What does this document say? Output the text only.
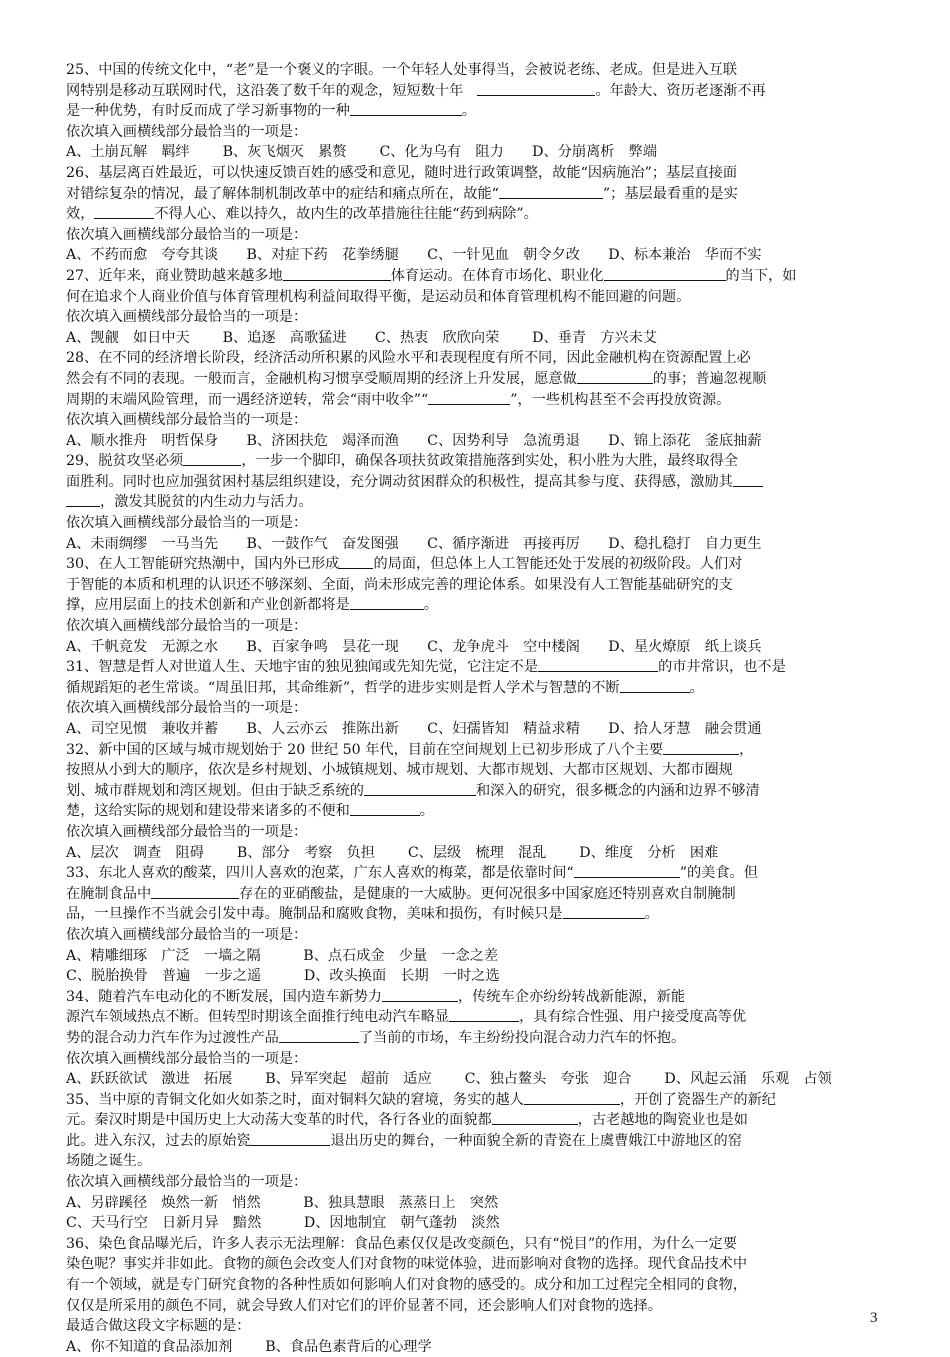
25、中国的传统文化中，“老”是一个褒义的字眼。一个年轻人处事得当，会被说老练、老成。但是进入互联
网特别是移动互联网时代，这沿袭了数千年的观念，短短数十年　	。年龄大、资历老逐渐不再
是一种优势，有时反而成了学习新事物的一种	。
依次填入画横线部分最恰当的一项是：
A、土崩瓦解　羁绊　　 B、灰飞烟灭　累赘　　 C、化为乌有　阻力　　D、分崩离析　弊端
26、基层离百姓最近，可以快速反馈百姓的感受和意见，随时进行政策调整，故能“因病施治”；基层直接面
对错综复杂的情况，最了解体制机制改革中的症结和痛点所在，故能“	”；基层最看重的是实
效，	不得人心、难以持久，故内生的改革措施往往能“药到病除”。
依次填入画横线部分最恰当的一项是：
A、不药而愈　夸夸其谈　　B、对症下药　花拳绣腿　　C、一针见血　朝令夕改　　D、标本兼治　华而不实
27、近年来，商业赞助越来越多地	体育运动。在体育市场化、职业化	的当下，如
何在追求个人商业价值与体育管理机构利益间取得平衡，是运动员和体育管理机构不能回避的问题。
依次填入画横线部分最恰当的一项是：
A、觊觎　如日中天　　 B、追逐　高歌猛进　　C、热衷　欣欣向荣　　 D、垂青　方兴未艾
28、在不同的经济增长阶段，经济活动所积累的风险水平和表现程度有所不同，因此金融机构在资源配置上必
然会有不同的表现。一般而言，金融机构习惯享受顺周期的经济上升发展，愿意做	的事；普遍忽视顺
周期的末端风险管理，而一遇经济逆转，常会“雨中收伞”“	”，一些机构甚至不会再投放资源。
依次填入画横线部分最恰当的一项是：
A、顺水推舟　明哲保身　　B、济困扶危　竭泽而渔　　C、因势利导　急流勇退　　D、锦上添花　釜底抽薪
29、脱贫攻坚必须	，一步一个脚印，确保各项扶贫政策措施落到实处，积小胜为大胜，最终取得全
面胜利。同时也应加强贫困村基层组织建设，充分调动贫困群众的积极性，提高其参与度、获得感，激励其
，激发其脱贫的内生动力与活力。
依次填入画横线部分最恰当的一项是：
A、未雨绸缪　一马当先　　B、一鼓作气　奋发图强　　C、循序渐进　再接再厉　　D、稳扎稳打　自力更生
30、在人工智能研究热潮中，国内外已形成 的局面，但总体上人工智能还处于发展的初级阶段。人们对
于智能的本质和机理的认识还不够深刻、全面，尚未形成完善的理论体系。如果没有人工智能基础研究的支
撑，应用层面上的技术创新和产业创新都将是	。
依次填入画横线部分最恰当的一项是：
A、千帆竞发　无源之水　　B、百家争鸣　昙花一现　　C、龙争虎斗　空中楼阁　　D、星火燎原　纸上谈兵
31、智慧是哲人对世道人生、天地宇宙的独见独闻或先知先觉，它注定不是	的市井常识，也不是
循规蹈矩的老生常谈。“周虽旧邦，其命维新”，哲学的进步实则是哲人学术与智慧的不断	。
依次填入画横线部分最恰当的一项是：
A、司空见惯　兼收并蓄　　B、人云亦云　推陈出新　　C、妇孺皆知　精益求精　　D、拾人牙慧　融会贯通
32、新中国的区域与城市规划始于 20 世纪 50 年代，目前在空间规划上已初步形成了八个主要	，
按照从小到大的顺序，依次是乡村规划、小城镇规划、城市规划、大都市规划、大都市区规划、大都市圈规
划、城市群规划和湾区规划。但由于缺乏系统的	和深入的研究，很多概念的内涵和边界不够清
楚，这给实际的规划和建设带来诸多的不便和	。
依次填入画横线部分最恰当的一项是：
A、层次　调查　阻碍　　 B、部分　考察　负担　　 C、层级　梳理　混乱　　 D、维度　分析　困难
33、东北人喜欢的酸菜，四川人喜欢的泡菜，广东人喜欢的梅菜，都是依靠时间“	”的美食。但
在腌制食品中	存在的亚硝酸盐，是健康的一大威胁。更何况很多中国家庭还特别喜欢自制腌制
品，一旦操作不当就会引发中毒。腌制品和腐败食物，美味和损伤，有时候只是	。
依次填入画横线部分最恰当的一项是：
A、精雕细琢　广泛　一墙之隔　　　B、点石成金　少量　一念之差
C、脱胎换骨　普遍　一步之遥　　　D、改头换面　长期　一时之选
34、随着汽车电动化的不断发展，国内造车新势力	，传统车企亦纷纷转战新能源，新能
源汽车领域热点不断。但转型时期该全面推行纯电动汽车略显	，具有综合性强、用户接受度高等优
势的混合动力汽车作为过渡性产品	了当前的市场，车主纷纷投向混合动力汽车的怀抱。
依次填入画横线部分最恰当的一项是：
A、跃跃欲试　激进　拓展　　 B、异军突起　超前　适应　　 C、独占鳌头　夸张　迎合　　 D、风起云涌　乐观　占领
35、当中原的青铜文化如火如荼之时，面对铜料欠缺的窘境，务实的越人	，开创了瓷器生产的新纪
元。秦汉时期是中国历史上大动荡大变革的时代，各行各业的面貌都	，古老越地的陶瓷业也是如
此。进入东汉，过去的原始瓷	退出历史的舞台，一种面貌全新的青瓷在上虞曹娥江中游地区的窑
场随之诞生。
依次填入画横线部分最恰当的一项是：
A、另辟蹊径　焕然一新　悄然　　　B、独具慧眼　蒸蒸日上　突然
C、天马行空　日新月异　黯然　　　D、因地制宜　朝气蓬勃　淡然
36、染色食品曝光后，许多人表示无法理解：食品色素仅仅是改变颜色，只有“悦目”的作用，为什么一定要
染色呢？事实并非如此。食物的颜色会改变人们对食物的味觉体验，进而影响对食物的选择。现代食品技术中
有一个领域，就是专门研究食物的各种性质如何影响人们对食物的感受的。成分和加工过程完全相同的食物，
仅仅是所采用的颜色不同，就会导致人们对它们的评价显著不同，还会影响人们对食物的选择。
最适合做这段文字标题的是：
A、你不知道的食品添加剂　　 B、食品色素背后的心理学
3
